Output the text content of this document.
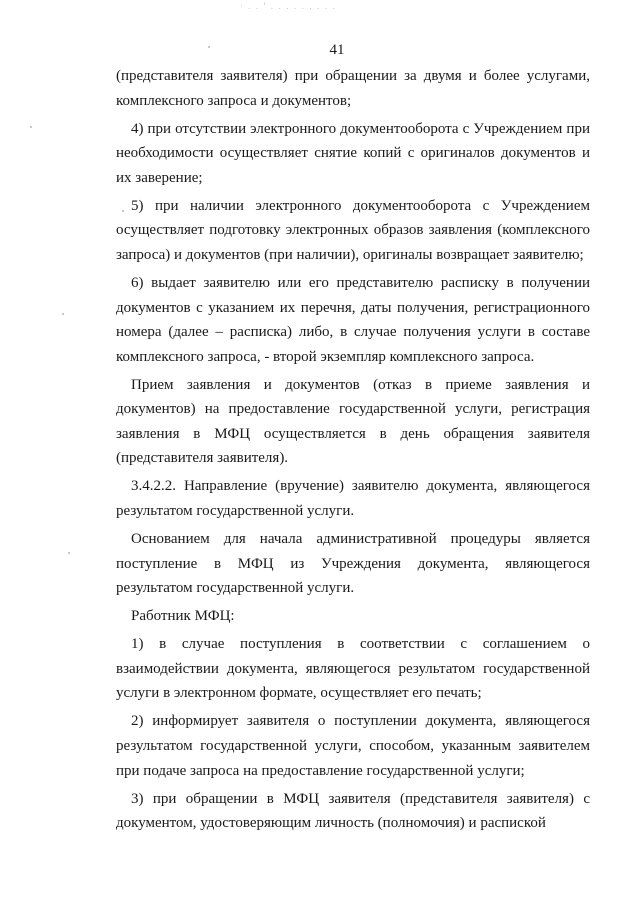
· . . ' . . . . . . . . .
41

(представителя заявителя) при обращении за двумя и более услугами, комплексного запроса и документов;

4) при отсутствии электронного документооборота с Учреждением при необходимости осуществляет снятие копий с оригиналов документов и их заверение;

5) при наличии электронного документооборота с Учреждением осуществляет подготовку электронных образов заявления (комплексного запроса) и документов (при наличии), оригиналы возвращает заявителю;

6) выдает заявителю или его представителю расписку в получении документов с указанием их перечня, даты получения, регистрационного номера (далее – расписка) либо, в случае получения услуги в составе комплексного запроса, - второй экземпляр комплексного запроса.

Прием заявления и документов (отказ в приеме заявления и документов) на предоставление государственной услуги, регистрация заявления в МФЦ осуществляется в день обращения заявителя (представителя заявителя).

3.4.2.2. Направление (вручение) заявителю документа, являющегося результатом государственной услуги.

Основанием для начала административной процедуры является поступление в МФЦ из Учреждения документа, являющегося результатом государственной услуги.

Работник МФЦ:

1) в случае поступления в соответствии с соглашением о взаимодействии документа, являющегося результатом государственной услуги в электронном формате, осуществляет его печать;

2) информирует заявителя о поступлении документа, являющегося результатом государственной услуги, способом, указанным заявителем при подаче запроса на предоставление государственной услуги;

3) при обращении в МФЦ заявителя (представителя заявителя) с документом, удостоверяющим личность (полномочия) и распиской
